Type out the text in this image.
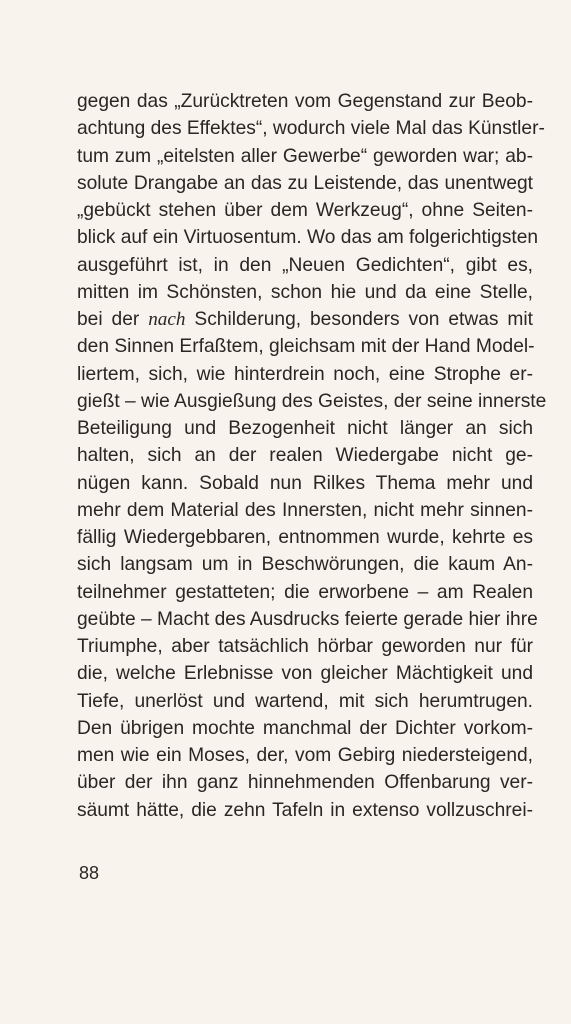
gegen das „Zurücktreten vom Gegenstand zur Beob-
achtung des Effektes“, wodurch viele Mal das Künstler-
tum zum „eitelsten aller Gewerbe“ geworden war; ab-
solute Drangabe an das zu Leistende, das unentwegt
„gebückt stehen über dem Werkzeug“, ohne Seiten-
blick auf ein Virtuosentum. Wo das am folgerichtigsten
ausgeführt ist, in den „Neuen Gedichten“, gibt es,
mitten im Schönsten, schon hie und da eine Stelle,
bei der nach Schilderung, besonders von etwas mit
den Sinnen Erfaßtem, gleichsam mit der Hand Model-
liertem, sich, wie hinterdrein noch, eine Strophe er-
gießt – wie Ausgießung des Geistes, der seine innerste
Beteiligung und Bezogenheit nicht länger an sich
halten, sich an der realen Wiedergabe nicht ge-
nügen kann. Sobald nun Rilkes Thema mehr und
mehr dem Material des Innersten, nicht mehr sinnen-
fällig Wiedergebbaren, entnommen wurde, kehrte es
sich langsam um in Beschwörungen, die kaum An-
teilnehmer gestatteten; die erworbene – am Realen
geübte – Macht des Ausdrucks feierte gerade hier ihre
Triumphe, aber tatsächlich hörbar geworden nur für
die, welche Erlebnisse von gleicher Mächtigkeit und
Tiefe, unerlöst und wartend, mit sich herumtrugen.
Den übrigen mochte manchmal der Dichter vorkom-
men wie ein Moses, der, vom Gebirg niedersteigend,
über der ihn ganz hinnehmenden Offenbarung ver-
säumt hätte, die zehn Tafeln in extenso vollzuschrei-
88
